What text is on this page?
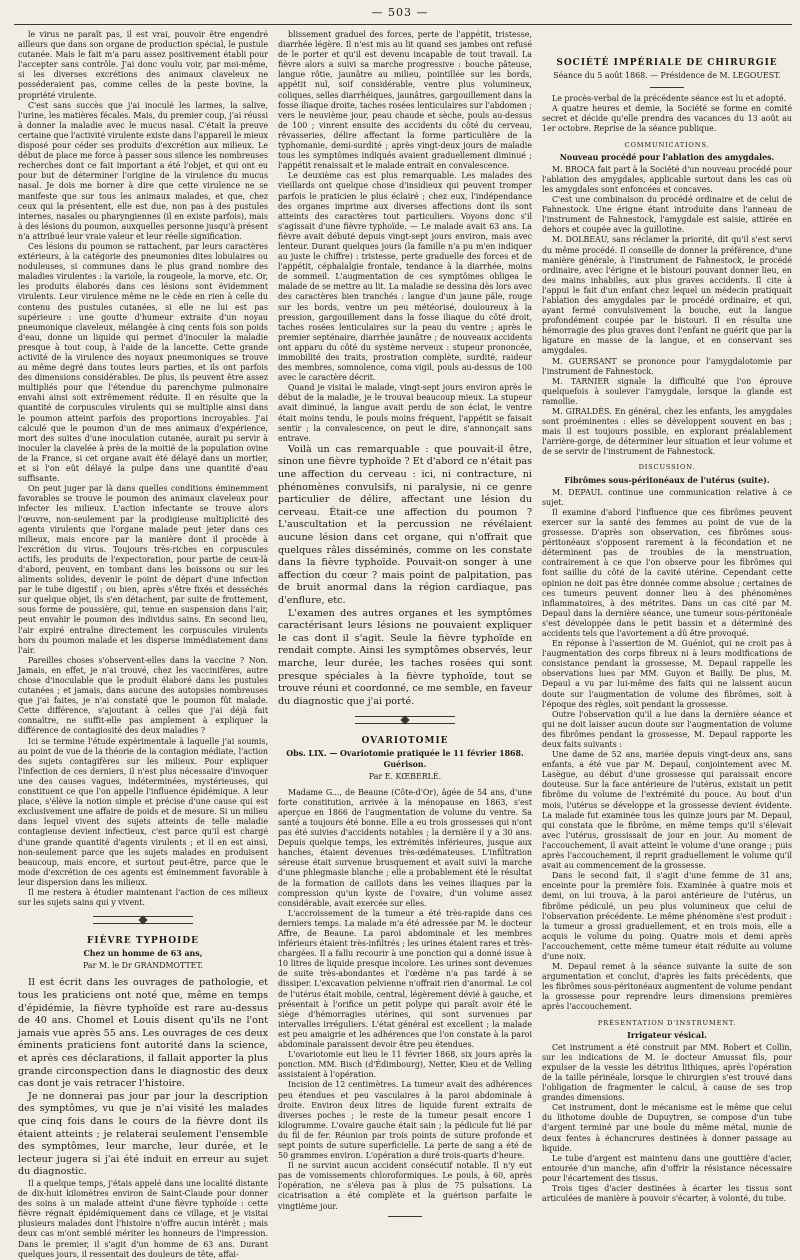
— 503 —

le virus ne paraît pas, il est vrai, pouvoir être engendré ailleurs que dans son organe de production spécial, le pustule cutanée. Mais le fait m'a paru assez positivement établi pour l'accepter sans contrôle. J'ai donc voulu voir, par moi-même, si les diverses excrétions des animaux claveleux ne posséderaient pas, comme celles de la peste bovine, la propriété virulente.

C'est sans succès que j'ai inoculé les larmes, la salive, l'urine, les matières fécales. Mais, du premier coup, j'ai réussi à donner la maladie avec le mucus nasal. C'était la preuve certaine que l'activité virulente existe dans l'appareil le mieux disposé pour céder ses produits d'excrétion aux milieux. Le début de place me force à passer sous silence les nombreuses recherches dont ce fait important a été l'objet, et qui ont eu pour but de déterminer l'origine de la virulence du mucus nasal. Je dois me borner à dire que cette virulence ne se manifeste que sur tous les animaux malades, et que, chez ceux qui la présentent, elle est due, non pas à des pustules internes, nasales ou pharyngiennes (il en existe parfois), mais à des lésions du poumon, auxquelles personne jusqu'à présent n'a attribué leur vraie valeur et leur réelle signification.

Ces lésions du poumon se rattachent, par leurs caractères extérieurs, à la catégorie des pneumonies dites lobulaires ou noduleuses, si communes dans le plus grand nombre des maladies virulentes : la variole, la rougeole, la morve, etc. Or, les produits élaborés dans ces lésions sont évidemment virulents. Leur virulence même ne le cède en rien à celle du contenu des pustules cutanées, si elle ne lui est pas supérieure : une goutte d'humeur extraite d'un noyau pneumonique claveleux, mélangée à cinq cents fois son poids d'eau, donne un liquide qui permet d'inoculer la maladie presque à tout coup, à l'aide de la lancette. Cette grande activité de la virulence des noyaux pneumoniques se trouve au même degré dans toutes leurs parties, et ils ont parfois des dimensions considérables. De plus, ils peuvent être assez multipliés pour que l'étendue du parenchyme pulmonaire envahi ainsi soit extrêmement réduite. Il en résulte que la quantité de corpuscules virulents qui se multiplie ainsi dans le poumon atteint parfois des proportions incroyables. J'ai calculé que le poumon d'un de mes animaux d'expérience, mort des suites d'une inoculation cutanée, aurait pu servir à inoculer la clavelée à près de la moitié de la population ovine de la France, si cet organe avait été délayé dans un mortier, et si l'on eût délayé la pulpe dans une quantité d'eau suffisante.

On peut juger par là dans quelles conditions éminemment favorables se trouve le poumon des animaux claveleux pour infecter les milieux. L'action infectante se trouve alors l'œuvre, non-seulement par la prodigieuse multiplicité des agents virulents que l'organe malade peut jeter dans ces milieux, mais encore par la manière dont il procède à l'excrétion du virus. Toujours très-riches en corpuscules actifs, les produits de l'expectoration, pour partie de ceux-là d'abord, peuvent, en tombant dans les boissons ou sur les aliments solides, devenir le point de départ d'une infection par le tube digestif ; ou bien, après s'être fixés et desséchés sur quelque objet, ils s'en détachent, par suite de frottement, sous forme de poussière, qui, tenue en suspension dans l'air, peut envahir le poumon des individus sains. En second lieu, l'air expiré entraîne directement les corpuscules virulents hors du poumon malade et les disperse immédiatement dans l'air.

Pareilles choses s'observent-elles dans la vaccine ? Non. Jamais, en effet, je n'ai trouvé, chez les vaccinifères, autre chose d'inoculable que le produit élaboré dans les pustules cutanées ; et jamais, dans aucune des autopsies nombreuses que j'ai faites, je n'ai constaté que le poumon fût malade. Cette différence, s'ajoutant à celles que j'ai déjà fait connaître, ne suffit-elle pas amplement à expliquer la différence de contagiosité des deux maladies ?

Ici se termine l'étude expérimentale à laquelle j'ai soumis, au point de vue de la théorie de la contagion médiate, l'action des sujets contagifères sur les milieux. Pour expliquer l'infection de ces derniers, il n'est plus nécessaire d'invoquer une des causes vagues, indéterminées, mystérieuses, qui constituent ce que l'on appelle l'influence épidémique. A leur place, s'élève la notion simple et précise d'une cause qui est exclusivement une affaire de poids et de mesure. Si un milieu dans lequel vivent des sujets atteints de telle maladie contagieuse devient infectieux, c'est parce qu'il est chargé d'une grande quantité d'agents virulents ; et il en est ainsi, non-seulement parce que les sujets malades en produisent beaucoup, mais encore, et surtout peut-être, parce que le mode d'excrétion de ces agents est éminemment favorable à leur dispersion dans les milieux.

Il me restera à étudier maintenant l'action de ces milieux sur les sujets sains qui y vivent.

FIÈVRE TYPHOIDE
Chez un homme de 63 ans,
Par M. le Dr GRANDMOTTET.

Il est écrit dans les ouvrages de pathologie, et tous les praticiens ont noté que, même en temps d'épidémie, la fièvre typhoïde est rare au-dessus de 40 ans. Chomel et Louis disent qu'ils ne l'ont jamais vue après 55 ans. Les ouvrages de ces deux éminents praticiens font autorité dans la science, et après ces déclarations, il fallait apporter la plus grande circonspection dans le diagnostic des deux cas dont je vais retracer l'histoire.

Je ne donnerai pas jour par jour la description des symptômes, vu que je n'ai visité les malades que cinq fois dans le cours de la fièvre dont ils étaient atteints ; je relaterai seulement l'ensemble des symptômes, leur marche, leur durée, et le lecteur jugera si j'ai été induit en erreur au sujet du diagnostic.

Il a quelque temps, j'étais appelé dans une localité distante de dix-huit kilomètres environ de Saint-Claude pour donner des soins à un malade atteint d'une fièvre typhoïde : cette fièvre régnait épidémiquement dans ce village, et je visitai plusieurs malades dont l'histoire n'offre aucun intérêt ; mais deux cas m'ont semblé mériter les honneurs de l'impression. Dans le premier, il s'agit d'un homme de 63 ans. Durant quelques jours, il ressentait des douleurs de tête, affai-

blissement graduel des forces, perte de l'appétit, tristesse, diarrhée légère. Il n'est mis au lit quand ses jambes ont refusé de le porter et qu'il est devenu incapable de tout travail. La fièvre alors a suivi sa marche progressive : bouche pâteuse, langue rôtie, jaunâtre au milieu, pointillée sur les bords, appétit nul, soif considérable, ventre plus volumineux, coliques, selles diarrhéiques, jaunâtres, gargouillement dans la fosse iliaque droite, taches rosées lenticulaires sur l'abdomen ; vers le neuvième jour, peau chaude et sèche, pouls au-dessus de 100 ; vinrent ensuite des accidents du côté du cerveau, rêvasseries, délire affectant la forme particulière de la typhomanie, demi-surdité ; après vingt-deux jours de maladie tous les symptômes indiqués avaient graduellement diminué ; l'appétit renaissait et le malade entrait en convalescence.

Le deuxième cas est plus remarquable. Les malades des vieillards ont quelque chose d'insidieux qui peuvent tromper parfois le praticien le plus éclairé ; chez eux, l'indépendance des organes imprime aux diverses affections dont ils sont atteints des caractères tout particuliers. Voyons donc s'il s'agissait d'une fièvre typhoïde. — Le malade avait 63 ans. La fièvre avait débuté depuis vingt-sept jours environ, mais avec lenteur. Durant quelques jours (la famille n'a pu m'en indiquer au juste le chiffre) : tristesse, perte graduelle des forces et de l'appétit, céphalalgie frontale, tendance à la diarrhée, moins de sommeil. L'augmentation de ces symptômes obligea le malade de se mettre au lit. La maladie se dessina dès lors avec des caractères bien tranchés : langue d'un jaune pâle, rouge sur les bords, ventre un peu météorisé, douloureux à la pression, gargouillement dans la fosse iliaque du côté droit, taches rosées lenticulaires sur la peau du ventre ; après le premier septénaire, diarrhée jaunâtre ; de nouveaux accidents ont apparu du côté du système nerveux : stupeur prononcée, immobilité des traits, prostration complète, surdité, raideur des membres, somnolence, coma vigil, pouls au-dessus de 100 avec le caractère décrit.

Quand je visitai le malade, vingt-sept jours environ après le début de la maladie, je le trouvai beaucoup mieux. La stupeur avait diminué, la langue avait perdu de son éclat, le ventre était moins tendu, le pouls moins fréquent, l'appétit se faisait sentir ; la convalescence, on peut le dire, s'annonçait sans entrave.

Voilà un cas remarquable : que pouvait-il être, sinon une fièvre typhoïde ? Et d'abord ce n'était pas une affection du cerveau : ici, ni contracture, ni phénomènes convulsifs, ni paralysie, ni ce genre particulier de délire, affectant une lésion du cerveau. Était-ce une affection du poumon ? L'auscultation et la percussion ne révélaient aucune lésion dans cet organe, qui n'offrait que quelques râles disséminés, comme on les constate dans la fièvre typhoïde. Pouvait-on songer à une affection du cœur ? mais point de palpitation, pas de bruit anormal dans la région cardiaque, pas d'enflure, etc.

L'examen des autres organes et les symptômes caractérisant leurs lésions ne pouvaient expliquer le cas dont il s'agit. Seule la fièvre typhoïde en rendait compte. Ainsi les symptômes observés, leur marche, leur durée, les taches rosées qui sont presque spéciales à la fièvre typhoïde, tout se trouve réuni et coordonné, ce me semble, en faveur du diagnostic que j'ai porté.

OVARIOTOMIE
Obs. LIX. — Ovariotomie pratiquée le 11 février 1868. Guérison.
Par E. KŒBERLÉ.

Madame G..., de Beaune (Côte-d'Or), âgée de 54 ans, d'une forte constitution, arrivée à la ménopause en 1863, s'est aperçue en 1866 de l'augmentation de volume du ventre. Sa santé a toujours été bonne. Elle a eu trois grossesses qui n'ont pas été suivies d'accidents notables ; la dernière il y a 30 ans. Depuis quelque temps, les extrémités inférieures, jusque aux hanches, étaient devenues très-œdémateuses. L'infiltration séreuse était survenue brusquement et avait suivi la marche d'une phlegmasie blanche ; elle a probablement été le résultat de la formation de caillots dans les veines iliaques par la compression qu'un kyste de l'ovaire, d'un volume assez considérable, avait exercée sur elles.

L'accroissement de la tumeur a été très-rapide dans ces derniers temps. La malade m'a été adressée par M. le docteur Affre, de Beaune. La paroi abdominale et les membres inférieurs étaient très-infiltrés ; les urines étaient rares et très-chargées. Il a fallu recourir à une ponction qui a donné issue à 10 litres de liquide presque incolore. Les urines sont devenues de suite très-abondantes et l'œdème n'a pas tardé à se dissiper. L'excavation pelvienne n'offrait rien d'anormal. Le col de l'utérus était mobile, central, légèrement dévié à gauche, et présentait à l'orifice un petit polype qui paraît avoir été le siège d'hémorragies utérines, qui sont survenues par intervalles irréguliers. L'état général est excellent ; la malade est peu amaigrie et les adhérences que l'on constate à la paroi abdominale paraissent devoir être peu étendues.

L'ovariotomie eut lieu le 11 février 1868, six jours après la ponction. MM. Bisch (d'Édimbourg), Netter, Kieu et de Velling assistaient à l'opération.

Incision de 12 centimètres. La tumeur avait des adhérences peu étendues et peu vasculaires à la paroi abdominale à droite. Environ deux litres de liquide furent extraits de diverses poches ; le reste de la tumeur pesait encore 1 kilogramme. L'ovaire gauche était sain ; la pédicule fut lié par du fil de fer. Réunion par trois points de suture profonde et sept points de suture superficielle. La perte de sang a été de 50 grammes environ. L'opération a duré trois-quarts d'heure.

Il ne survint aucun accident consécutif notable. Il n'y eut pas de vomissements chloroformiques. Le pouls, à 60, après l'opération, ne s'éleva pas à plus de 75 pulsations. La cicatrisation a été complète et la guérison parfaite le vingtième jour.

SOCIÉTÉ IMPÉRIALE DE CHIRURGIE
Séance du 5 août 1868. — Présidence de M. LEGOUEST.

Le procès-verbal de la précédente séance est lu et adopté.

A quatre heures et demie, la Société se forme en comité secret et décide qu'elle prendra des vacances du 13 août au 1er octobre. Reprise de la séance publique.

COMMUNICATIONS.
Nouveau procédé pour l'ablation des amygdales.

M. BROCA fait part à la Société d'un nouveau procédé pour l'ablation des amygdales, applicable surtout dans les cas où les amygdales sont enfoncées et concaves.

C'est une combinaison du procédé ordinaire et de celui de Fahnestock. Une érigne étant introduite dans l'anneau de l'instrument de Fahnestock, l'amygdale est saisie, attirée en dehors et coupée avec la guillotine.

M. DOLBEAU, sans réclamer la priorité, dit qu'il s'est servi du même procédé. Il conseille de donner la préférence, d'une manière générale, à l'instrument de Fahnestock, le procédé ordinaire, avec l'érigne et le bistouri pouvant donner lieu, en des mains inhabiles, aux plus graves accidents. Il cite à l'appui le fait d'un enfant chez lequel un médecin pratiquait l'ablation des amygdales par le procédé ordinaire, et qui, ayant fermé convulsivement la bouche, eut la langue profondément coupée par le bistouri. Il en résulta une hémorragie des plus graves dont l'enfant ne guérit que par la ligature en masse de la langue, et en conservant ses amygdales.

M. GUERSANT se prononce pour l'amygdalotomie par l'instrument de Fahnestock.

M. TARNIER signale la difficulté que l'on éprouve quelquefois à soulever l'amygdale, lorsque la glande est ramollie.

M. GIRALDÈS. En général, chez les enfants, les amygdales sont proéminentes : elles se développent souvent en bas ; mais il est toujours possible, en explorant préalablement l'arrière-gorge, de déterminer leur situation et leur volume et de se servir de l'instrument de Fahnestock.

DISCUSSION.
Fibrômes sous-péritonéaux de l'utérus (suite).

M. DEPAUL continue une communication relative à ce sujet.

Il examine d'abord l'influence que ces fibrômes peuvent exercer sur la santé des femmes au point de vue de la grossesse. D'après son observation, ces fibrômes sous-péritonéaux s'opposent rarement à la fécondation et ne déterminent pas de troubles de la menstruation, contrairement à ce que l'on observe pour les fibrômes qui font saillie du côté de la cavité utérine. Cependant cette opinion ne doit pas être donnée comme absolue ; certaines de ces tumeurs peuvent donner lieu à des phénomènes inflammatoires, à des métrites. Dans un cas cité par M. Depaul dans la dernière séance, une tumeur sous-péritonéale s'est développée dans le petit bassin et a déterminé des accidents tels que l'avortement a dû être provoqué.

En réponse à l'assertion de M. Guéniot, qui ne croit pas à l'augmentation des corps fibreux ni à leurs modifications de consistance pendant la grossesse, M. Depaul rappelle les observations lues par MM. Guyon et Bailly. De plus, M. Depaul a vu par lui-même des faits qui ne laissent aucun doute sur l'augmentation de volume des fibrômes, soit à l'époque des règles, soit pendant la grossesse.

Outre l'observation qu'il a lue dans la dernière séance et qui ne doit laisser aucun doute sur l'augmentation de volume des fibrômes pendant la grossesse, M. Depaul rapporte les deux faits suivants :

Une dame de 52 ans, mariée depuis vingt-deux ans, sans enfants, a été vue par M. Depaul, conjointement avec M. Lasègue, au début d'une grossesse qui paraissait encore douteuse. Sur la face antérieure de l'utérus, existait un petit fibrôme du volume de l'extrémité du pouce. Au bout d'un mois, l'utérus se développe et la grossesse devient évidente. La malade fut examinée tous les quinze jours par M. Depaul, qui constata que le fibrôme, en même temps qu'il s'élevait avec l'utérus, grossissait de jour en jour. Au moment de l'accouchement, il avait atteint le volume d'une orange ; puis après l'accouchement, il reprit graduellement le volume qu'il avait au commencement de la grossesse.

Dans le second fait, il s'agit d'une femme de 31 ans, enceinte pour la première fois. Examinée à quatre mois et demi, on lui trouva, à la paroi antérieure de l'utérus, un fibrôme pédiculé, un peu plus volumineux que celui de l'observation précédente. Le même phénomène s'est produit : la tumeur a grossi graduellement, et en trois mois, elle a acquis le volume du poing. Quatre mois et demi après l'accouchement, cette même tumeur était réduite au volume d'une noix.

M. Depaul remet à la séance suivante la suite de son argumentation et conclut, d'après les faits précédents, que les fibrômes sous-péritonéaux augmentent de volume pendant la grossesse pour reprendre leurs dimensions premières après l'accouchement.

PRÉSENTATION D'INSTRUMENT.
Irrigateur vésical.

Cet instrument a été construit par MM. Robert et Collin, sur les indications de M. le docteur Amussat fils, pour expulser de la vessie les détritus lithiques, après l'opération de la taille périnéale, lorsque le chirurgien s'est trouvé dans l'obligation de fragmenter le calcul, à cause de ses trop grandes dimensions.

Cet instrument, dont le mécanisme est le même que celui du lithotome double de Dupuytren, se compose d'un tube d'argent terminé par une boule du même métal, munie de deux fentes à échancrures destinées à donner passage au liquide.

Le tube d'argent est maintenu dans une gouttière d'acier, entourée d'un manche, afin d'offrir la résistance nécessaire pour l'écartement des tissus.

Trois tiges d'acier destinées à écarter les tissus sont articulées de manière à pouvoir s'écarter, à volonté, du tube.
